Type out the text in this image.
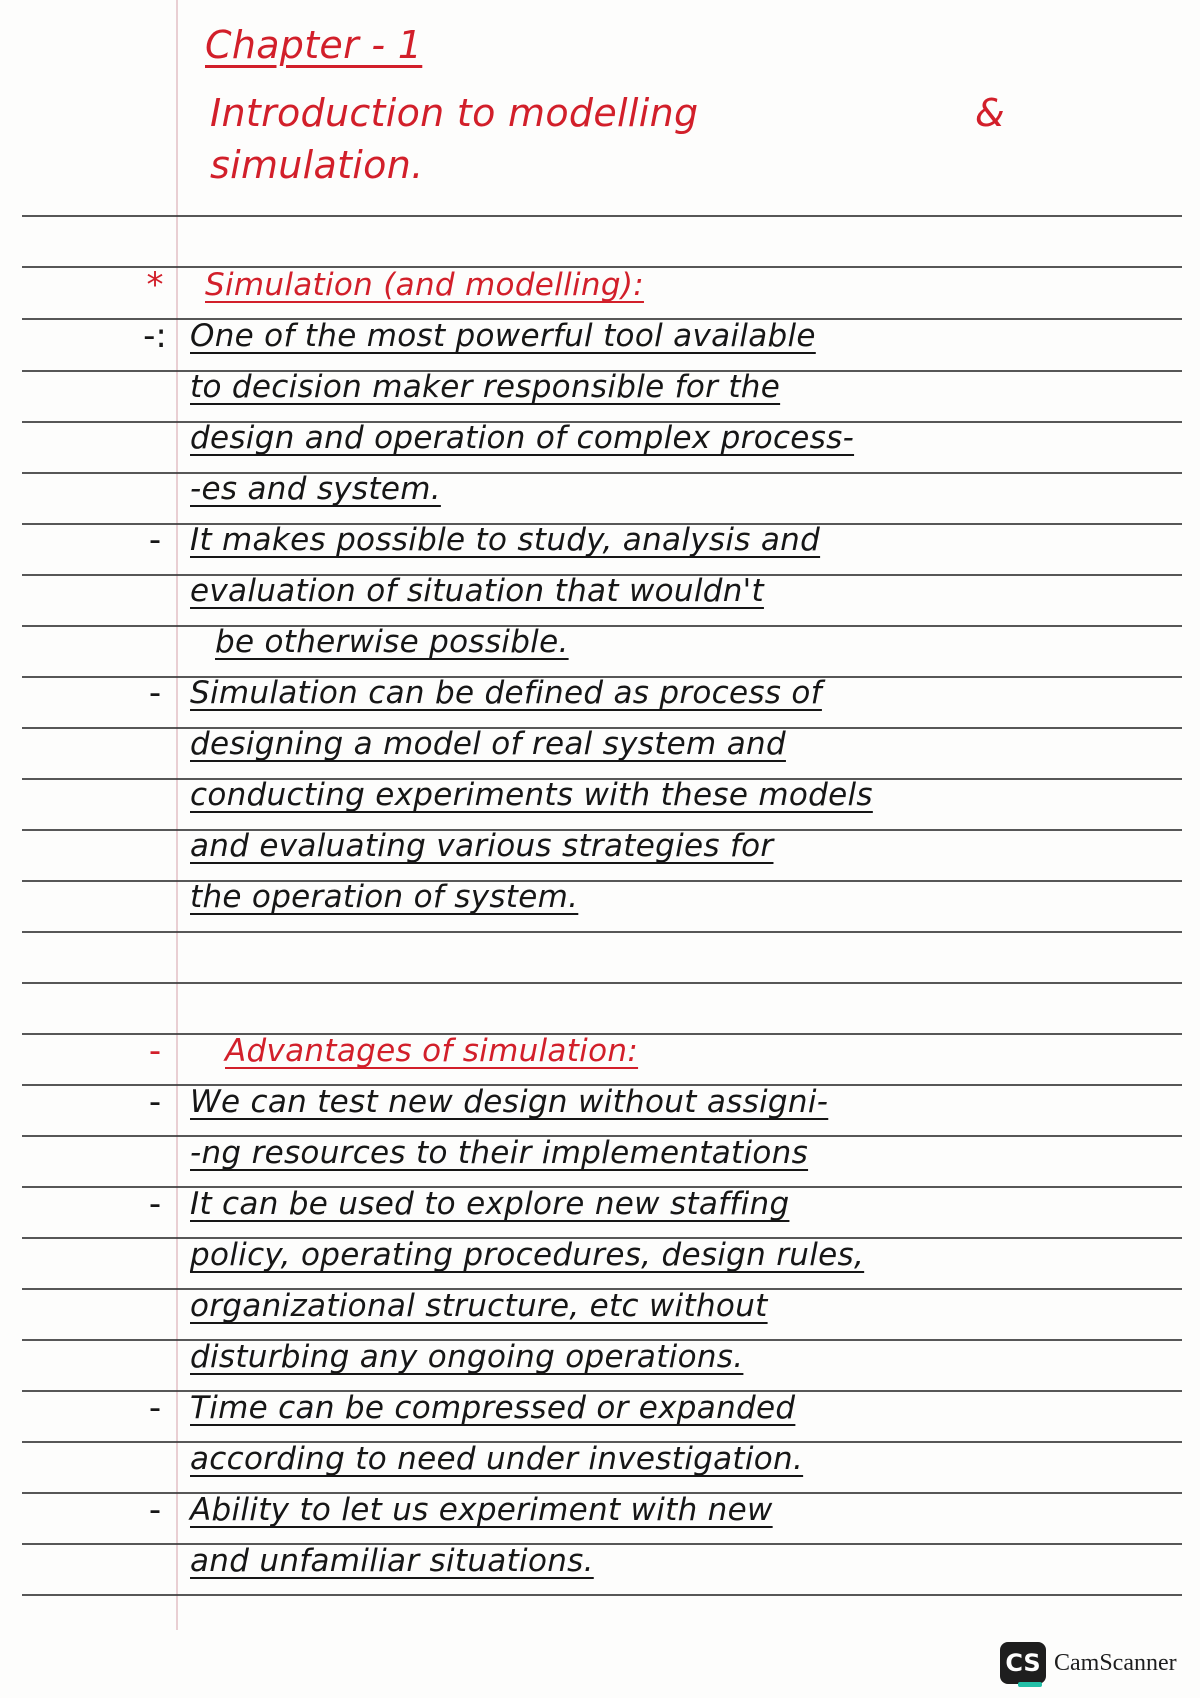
Chapter - 1
Introduction to modelling	&
simulation.
*	Simulation (and modelling):
-: One of the most powerful tool available
to decision maker responsible for the
design and operation of complex process-
-es and system.
- It makes possible to study, analysis and
evaluation of situation that wouldn't
be otherwise possible.
- Simulation can be defined as process of
designing a model of real system and
conducting experiments with these models
and evaluating various strategies for
the operation of system.
-	Advantages of simulation:
- We can test new design without assigni-
-ng resources to their implementations
- It can be used to explore new staffing
policy, operating procedures, design rules,
organizational structure, etc without
disturbing any ongoing operations.
- Time can be compressed or expanded
according to need under investigation.
- Ability to let us experiment with new
and unfamiliar situations.
CS CamScanner
